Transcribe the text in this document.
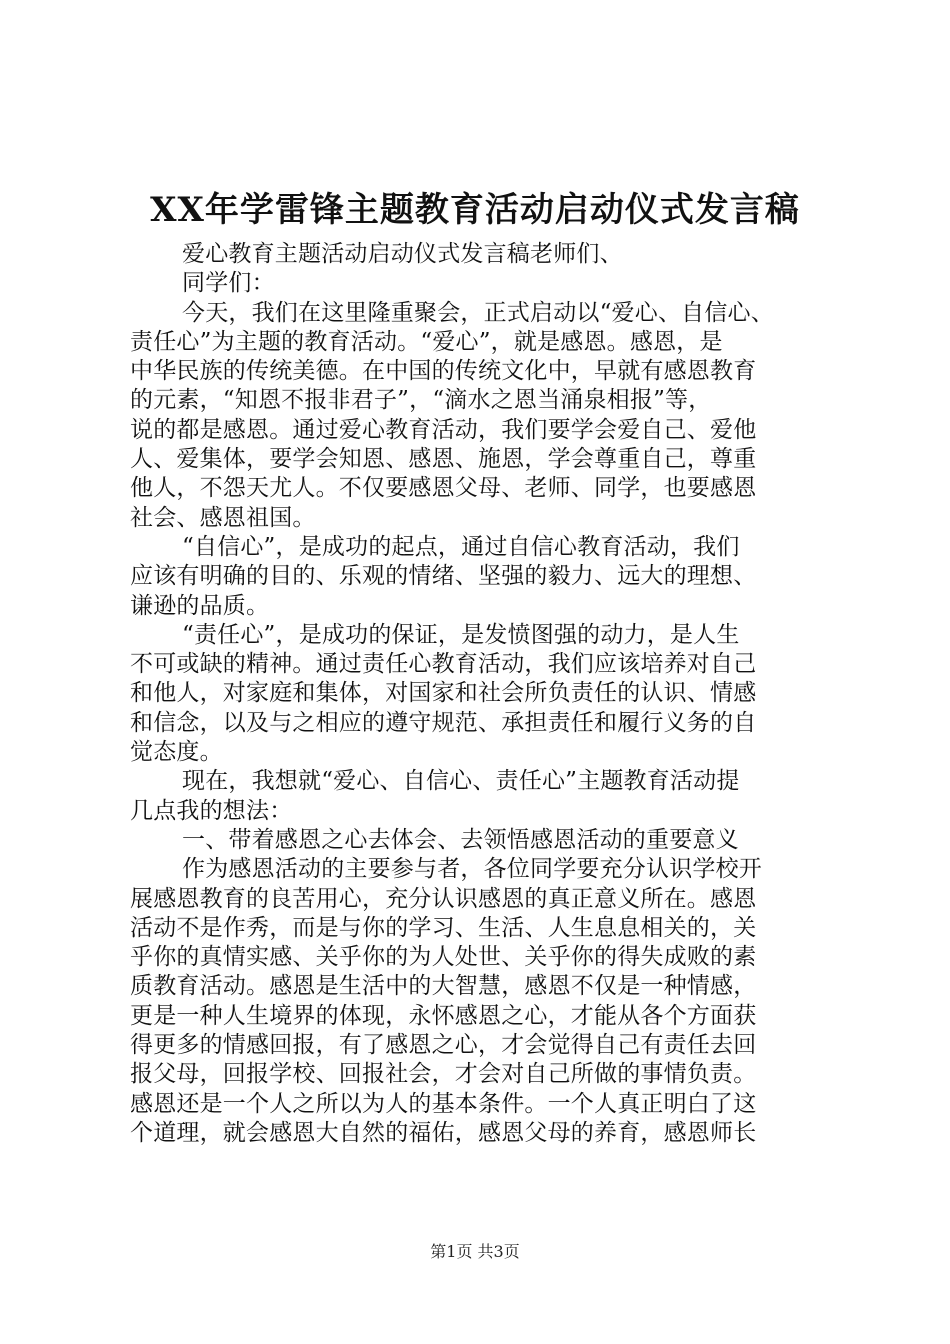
XX年学雷锋主题教育活动启动仪式发言稿
爱心教育主题活动启动仪式发言稿老师们、
同学们：
今天，我们在这里隆重聚会，正式启动以“爱心、自信心、
责任心”为主题的教育活动。“爱心”，就是感恩。感恩，是
中华民族的传统美德。在中国的传统文化中，早就有感恩教育
的元素，“知恩不报非君子”，“滴水之恩当涌泉相报”等，
说的都是感恩。通过爱心教育活动，我们要学会爱自己、爱他
人、爱集体，要学会知恩、感恩、施恩，学会尊重自己，尊重
他人，不怨天尤人。不仅要感恩父母、老师、同学，也要感恩
社会、感恩祖国。
“自信心”，是成功的起点，通过自信心教育活动，我们
应该有明确的目的、乐观的情绪、坚强的毅力、远大的理想、
谦逊的品质。
“责任心”，是成功的保证，是发愤图强的动力，是人生
不可或缺的精神。通过责任心教育活动，我们应该培养对自己
和他人，对家庭和集体，对国家和社会所负责任的认识、情感
和信念，以及与之相应的遵守规范、承担责任和履行义务的自
觉态度。
现在，我想就“爱心、自信心、责任心”主题教育活动提
几点我的想法：
一、带着感恩之心去体会、去领悟感恩活动的重要意义
作为感恩活动的主要参与者，各位同学要充分认识学校开
展感恩教育的良苦用心，充分认识感恩的真正意义所在。感恩
活动不是作秀，而是与你的学习、生活、人生息息相关的，关
乎你的真情实感、关乎你的为人处世、关乎你的得失成败的素
质教育活动。感恩是生活中的大智慧，感恩不仅是一种情感，
更是一种人生境界的体现，永怀感恩之心，才能从各个方面获
得更多的情感回报，有了感恩之心，才会觉得自己有责任去回
报父母，回报学校、回报社会，才会对自己所做的事情负责。
感恩还是一个人之所以为人的基本条件。一个人真正明白了这
个道理，就会感恩大自然的福佑，感恩父母的养育，感恩师长
第1页 共3页
